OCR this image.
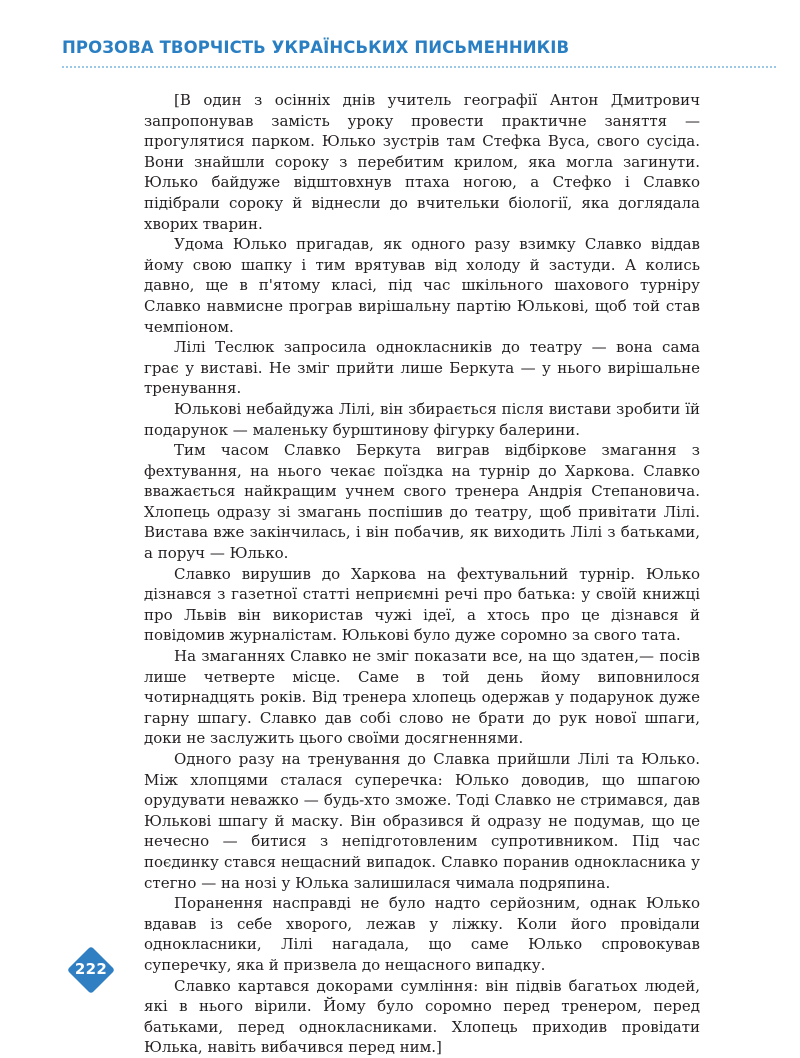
ПРОЗОВА ТВОРЧІСТЬ УКРАЇНСЬКИХ ПИСЬМЕННИКІВ

[В один з осінніх днів учитель географії Антон Дмитрович запропонував замість уроку провести практичне заняття — прогулятися парком. Юлько зустрів там Стефка Вуса, свого сусіда. Вони знайшли сороку з перебитим крилом, яка могла загинути. Юлько байдуже відштовхнув птаха ногою, а Стефко і Славко підібрали сороку й віднесли до вчительки біології, яка доглядала хворих тварин.

Удома Юлько пригадав, як одного разу взимку Славко віддав йому свою шапку і тим врятував від холоду й застуди. А колись давно, ще в п'ятому класі, під час шкільного шахового турніру Славко навмисне програв вирішальну партію Юлькові, щоб той став чемпіоном.

Лілі Теслюк запросила однокласників до театру — вона сама грає у виставі. Не зміг прийти лише Беркута — у нього вирішальне тренування.

Юлькові небайдужа Лілі, він збирається після вистави зробити їй подарунок — маленьку бурштинову фігурку балерини.

Тим часом Славко Беркута виграв відбіркове змагання з фехтування, на нього чекає поїздка на турнір до Харкова. Славко вважається найкращим учнем свого тренера Андрія Степановича. Хлопець одразу зі змагань поспішив до театру, щоб привітати Лілі. Вистава вже закінчилась, і він побачив, як виходить Лілі з батьками, а поруч — Юлько.

Славко вирушив до Харкова на фехтувальний турнір. Юлько дізнався з газетної статті неприємні речі про батька: у своїй книжці про Львів він використав чужі ідеї, а хтось про це дізнався й повідомив журналістам. Юлькові було дуже соромно за свого тата.

На змаганнях Славко не зміг показати все, на що здатен,— посів лише четверте місце. Саме в той день йому виповнилося чотирнадцять років. Від тренера хлопець одержав у подарунок дуже гарну шпагу. Славко дав собі слово не брати до рук нової шпаги, доки не заслужить цього своїми досягненнями.

Одного разу на тренування до Славка прийшли Лілі та Юлько. Між хлопцями сталася суперечка: Юлько доводив, що шпагою орудувати неважко — будь-хто зможе. Тоді Славко не стримався, дав Юлькові шпагу й маску. Він образився й одразу не подумав, що це нечесно — битися з непідготовленим супротивником. Під час поєдинку стався нещасний випадок. Славко поранив однокласника у стегно — на нозі у Юлька залишилася чимала подряпина.

Поранення насправді не було надто серйозним, однак Юлько вдавав із себе хворого, лежав у ліжку. Коли його провідали однокласники, Лілі нагадала, що саме Юлько спровокував суперечку, яка й призвела до нещасного випадку.

Славко картався докорами сумління: він підвів багатьох людей, які в нього вірили. Йому було соромно перед тренером, перед батьками, перед однокласниками. Хлопець приходив провідати Юлька, навіть вибачився перед ним.]

222
